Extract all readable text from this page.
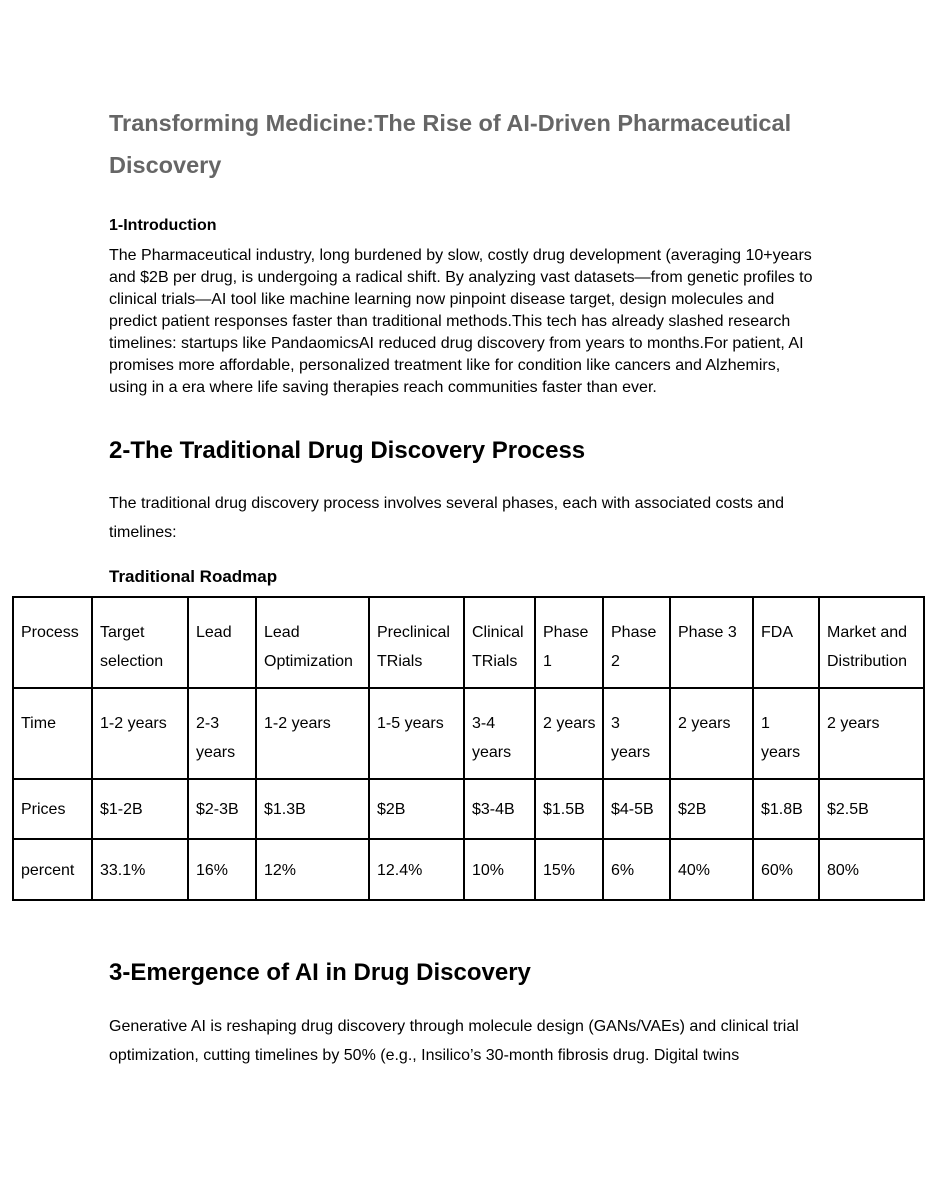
Transforming Medicine:The Rise of AI-Driven Pharmaceutical Discovery
1-Introduction

The Pharmaceutical industry, long burdened by slow, costly drug development (averaging 10+years and $2B per drug, is undergoing a radical shift. By analyzing vast datasets—from genetic profiles to clinical trials—AI tool like machine learning now pinpoint disease target, design molecules and predict patient responses faster than traditional methods.This tech has already slashed research timelines: startups like PandaomicsAI reduced drug discovery from years to months.For patient, AI promises more affordable, personalized treatment like for condition like cancers and Alzhemirs, using in a era where life saving therapies reach communities faster than ever.

2-The Traditional Drug Discovery Process

The traditional drug discovery process involves several phases, each with associated costs and timelines:

Traditional Roadmap
Process	Target selection	Lead	Lead Optimization	Preclinical TRials	Clinical TRials	Phase 1	Phase 2	Phase 3	FDA	Market and Distribution
Time	1-2 years	2-3 years	1-2 years	1-5 years	3-4 years	2 years	3 years	2 years	1 years	2 years
Prices	$1-2B	$2-3B	$1.3B	$2B	$3-4B	$1.5B	$4-5B	$2B	$1.8B	$2.5B
percent	33.1%	16%	12%	12.4%	10%	15%	6%	40%	60%	80%
3-Emergence of AI in Drug Discovery

Generative AI is reshaping drug discovery through molecule design (GANs/VAEs) and clinical trial optimization, cutting timelines by 50% (e.g., Insilico’s 30-month fibrosis drug. Digital twins
